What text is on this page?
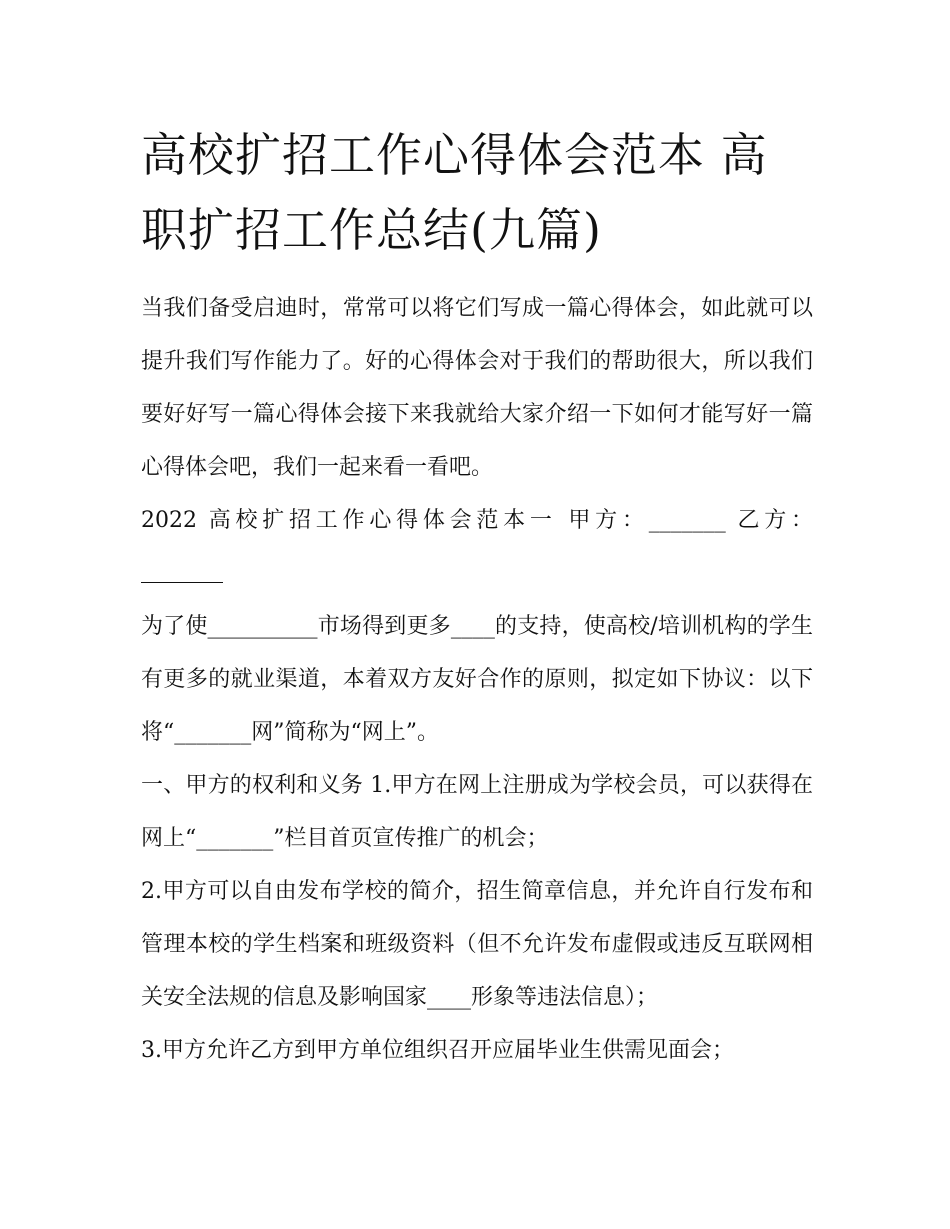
高校扩招工作心得体会范本 高职扩招工作总结(九篇)

当我们备受启迪时，常常可以将它们写成一篇心得体会，如此就可以提升我们写作能力了。好的心得体会对于我们的帮助很大，所以我们要好好写一篇心得体会接下来我就给大家介绍一下如何才能写好一篇心得体会吧，我们一起来看一看吧。

2022 高校扩招工作心得体会范本一 甲方：_______ 乙方：

为了使__________市场得到更多____的支持，使高校/培训机构的学生有更多的就业渠道，本着双方友好合作的原则，拟定如下协议：以下将“_______网”简称为“网上”。

一、甲方的权利和义务 1.甲方在网上注册成为学校会员，可以获得在网上“_______”栏目首页宣传推广的机会；

2.甲方可以自由发布学校的简介，招生简章信息，并允许自行发布和管理本校的学生档案和班级资料（但不允许发布虚假或违反互联网相关安全法规的信息及影响国家____形象等违法信息）；

3.甲方允许乙方到甲方单位组织召开应届毕业生供需见面会；
